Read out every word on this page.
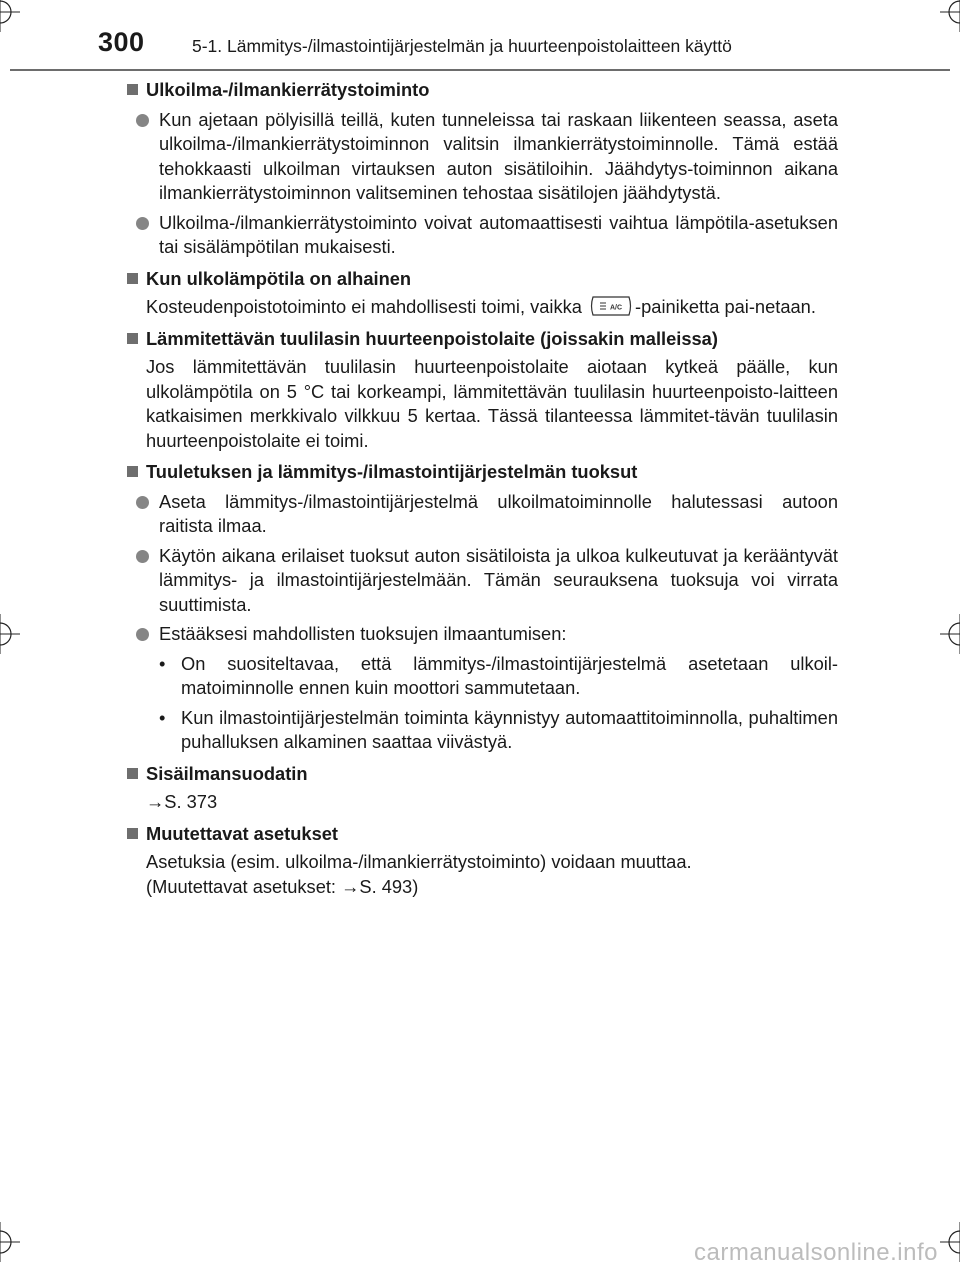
300	5-1. Lämmitys-/ilmastointijärjestelmän ja huurteenpoistolaitteen käyttö
Ulkoilma-/ilmankierrätystoiminto
Kun ajetaan pölyisillä teillä, kuten tunneleissa tai raskaan liikenteen seassa, aseta ulkoilma-/ilmankierrätystoiminnon valitsin ilmankierrätystoiminnolle. Tämä estää tehokkaasti ulkoilman virtauksen auton sisätiloihin. Jäähdytys-toiminnon aikana ilmankierrätystoiminnon valitseminen tehostaa sisätilojen jäähdytystä.
Ulkoilma-/ilmankierrätystoiminto voivat automaattisesti vaihtua lämpötila-asetuksen tai sisälämpötilan mukaisesti.
Kun ulkolämpötila on alhainen
Kosteudenpoistotoiminto ei mahdollisesti toimi, vaikka	A/C -painiketta pai-netaan.
Lämmitettävän tuulilasin huurteenpoistolaite (joissakin malleissa)
Jos lämmitettävän tuulilasin huurteenpoistolaite aiotaan kytkeä päälle, kun ulkolämpötila on 5 °C tai korkeampi, lämmitettävän tuulilasin huurteenpoisto-laitteen katkaisimen merkkivalo vilkkuu 5 kertaa. Tässä tilanteessa lämmitet-tävän tuulilasin huurteenpoistolaite ei toimi.
Tuuletuksen ja lämmitys-/ilmastointijärjestelmän tuoksut
Aseta lämmitys-/ilmastointijärjestelmä ulkoilmatoiminnolle halutessasi autoon raitista ilmaa.
Käytön aikana erilaiset tuoksut auton sisätiloista ja ulkoa kulkeutuvat ja kerääntyvät lämmitys- ja ilmastointijärjestelmään. Tämän seurauksena tuoksuja voi virrata suuttimista.
Estääksesi mahdollisten tuoksujen ilmaantumisen:
• On suositeltavaa, että lämmitys-/ilmastointijärjestelmä asetetaan ulkoil-matoiminnolle ennen kuin moottori sammutetaan.
• Kun ilmastointijärjestelmän toiminta käynnistyy automaattitoiminnolla, puhaltimen puhalluksen alkaminen saattaa viivästyä.
Sisäilmansuodatin
→S. 373
Muutettavat asetukset
Asetuksia (esim. ulkoilma-/ilmankierrätystoiminto) voidaan muuttaa.
(Muutettavat asetukset: →S. 493)
carmanualsonline.info
